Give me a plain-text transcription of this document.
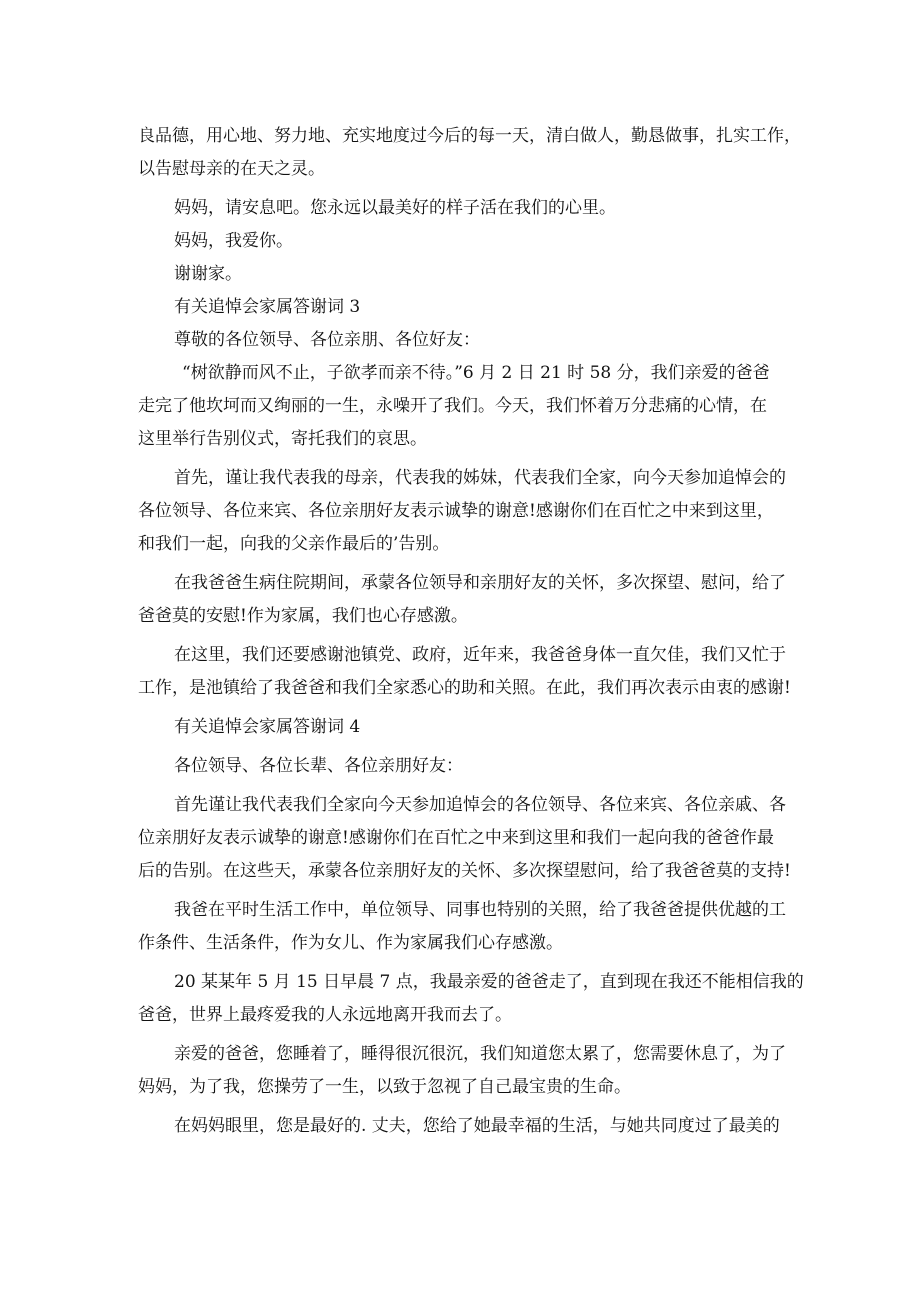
良品德，用心地、努力地、充实地度过今后的每一天，清白做人，勤恳做事，扎实工作，
以告慰母亲的在天之灵。

妈妈，请安息吧。您永远以最美好的样子活在我们的心里。

妈妈，我爱你。

谢谢家。

有关追悼会家属答谢词 3

尊敬的各位领导、各位亲朋、各位好友：

“树欲静而风不止，子欲孝而亲不待。”6 月 2 日 21 时 58 分，我们亲爱的爸爸
走完了他坎坷而又绚丽的一生，永噪开了我们。今天，我们怀着万分悲痛的心情，在
这里举行告别仪式，寄托我们的哀思。

首先，谨让我代表我的母亲，代表我的姊妹，代表我们全家，向今天参加追悼会的
各位领导、各位来宾、各位亲朋好友表示诚挚的谢意!感谢你们在百忙之中来到这里，
和我们一起，向我的父亲作最后的’告别。

在我爸爸生病住院期间，承蒙各位领导和亲朋好友的关怀，多次探望、慰问，给了
爸爸莫的安慰!作为家属，我们也心存感激。

在这里，我们还要感谢池镇党、政府，近年来，我爸爸身体一直欠佳，我们又忙于
工作，是池镇给了我爸爸和我们全家悉心的助和关照。在此，我们再次表示由衷的感谢!

有关追悼会家属答谢词 4

各位领导、各位长辈、各位亲朋好友：

首先谨让我代表我们全家向今天参加追悼会的各位领导、各位来宾、各位亲戚、各
位亲朋好友表示诚挚的谢意!感谢你们在百忙之中来到这里和我们一起向我的爸爸作最
后的告别。在这些天，承蒙各位亲朋好友的关怀、多次探望慰问，给了我爸爸莫的支持!

我爸在平时生活工作中，单位领导、同事也特别的关照，给了我爸爸提供优越的工
作条件、生活条件，作为女儿、作为家属我们心存感激。

20 某某年 5 月 15 日早晨 7 点，我最亲爱的爸爸走了，直到现在我还不能相信我的
爸爸，世界上最疼爱我的人永远地离开我而去了。

亲爱的爸爸，您睡着了，睡得很沉很沉，我们知道您太累了，您需要休息了，为了
妈妈，为了我，您操劳了一生，以致于忽视了自己最宝贵的生命。

在妈妈眼里，您是最好的. 丈夫，您给了她最幸福的生活，与她共同度过了最美的
